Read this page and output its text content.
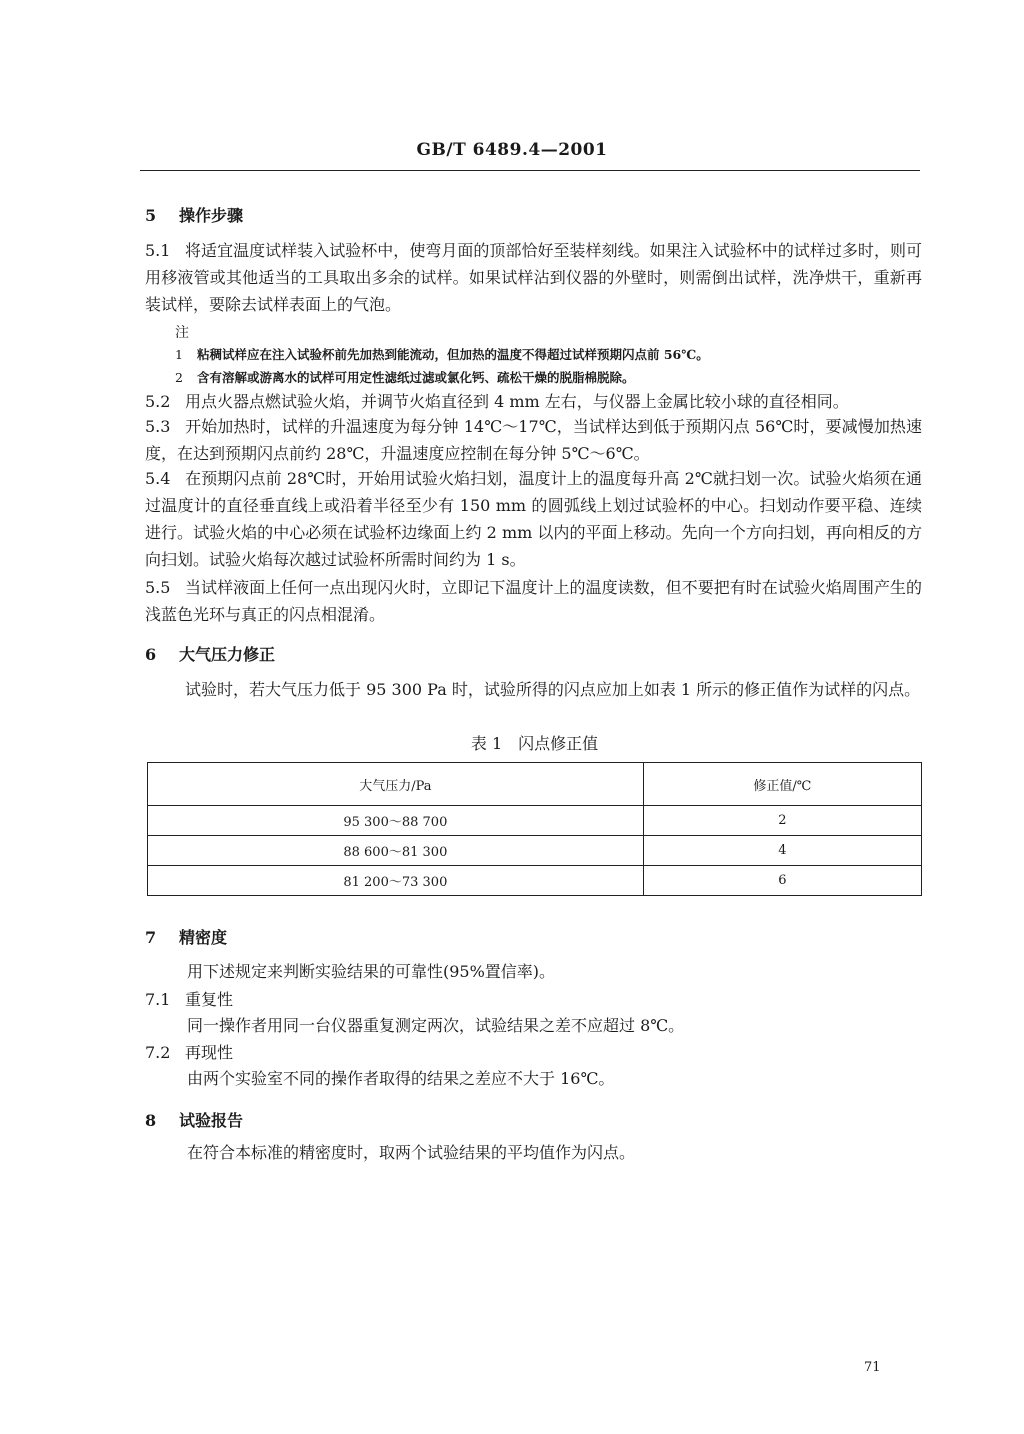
GB/T 6489.4—2001
5 操作步骤
5.1 将适宜温度试样装入试验杯中，使弯月面的顶部恰好至装样刻线。如果注入试验杯中的试样过多时，则可用移液管或其他适当的工具取出多余的试样。如果试样沾到仪器的外壁时，则需倒出试样，洗净烘干，重新再装试样，要除去试样表面上的气泡。
注
1 粘稠试样应在注入试验杯前先加热到能流动，但加热的温度不得超过试样预期闪点前 56℃。
2 含有溶解或游离水的试样可用定性滤纸过滤或氯化钙、疏松干燥的脱脂棉脱除。
5.2 用点火器点燃试验火焰，并调节火焰直径到 4 mm 左右，与仪器上金属比较小球的直径相同。
5.3 开始加热时，试样的升温速度为每分钟 14℃～17℃，当试样达到低于预期闪点 56℃时，要减慢加热速度，在达到预期闪点前约 28℃，升温速度应控制在每分钟 5℃～6℃。
5.4 在预期闪点前 28℃时，开始用试验火焰扫划，温度计上的温度每升高 2℃就扫划一次。试验火焰须在通过温度计的直径垂直线上或沿着半径至少有 150 mm 的圆弧线上划过试验杯的中心。扫划动作要平稳、连续进行。试验火焰的中心必须在试验杯边缘面上约 2 mm 以内的平面上移动。先向一个方向扫划，再向相反的方向扫划。试验火焰每次越过试验杯所需时间约为 1 s。
5.5 当试样液面上任何一点出现闪火时，立即记下温度计上的温度读数，但不要把有时在试验火焰周围产生的浅蓝色光环与真正的闪点相混淆。
6 大气压力修正
试验时，若大气压力低于 95 300 Pa 时，试验所得的闪点应加上如表 1 所示的修正值作为试样的闪点。
表 1　闪点修正值
大气压力/Pa	修正值/℃
95 300～88 700	2
88 600～81 300	4
81 200～73 300	6
7 精密度
用下述规定来判断实验结果的可靠性(95%置信率)。
7.1 重复性
同一操作者用同一台仪器重复测定两次，试验结果之差不应超过 8℃。
7.2 再现性
由两个实验室不同的操作者取得的结果之差应不大于 16℃。
8 试验报告
在符合本标准的精密度时，取两个试验结果的平均值作为闪点。
71
